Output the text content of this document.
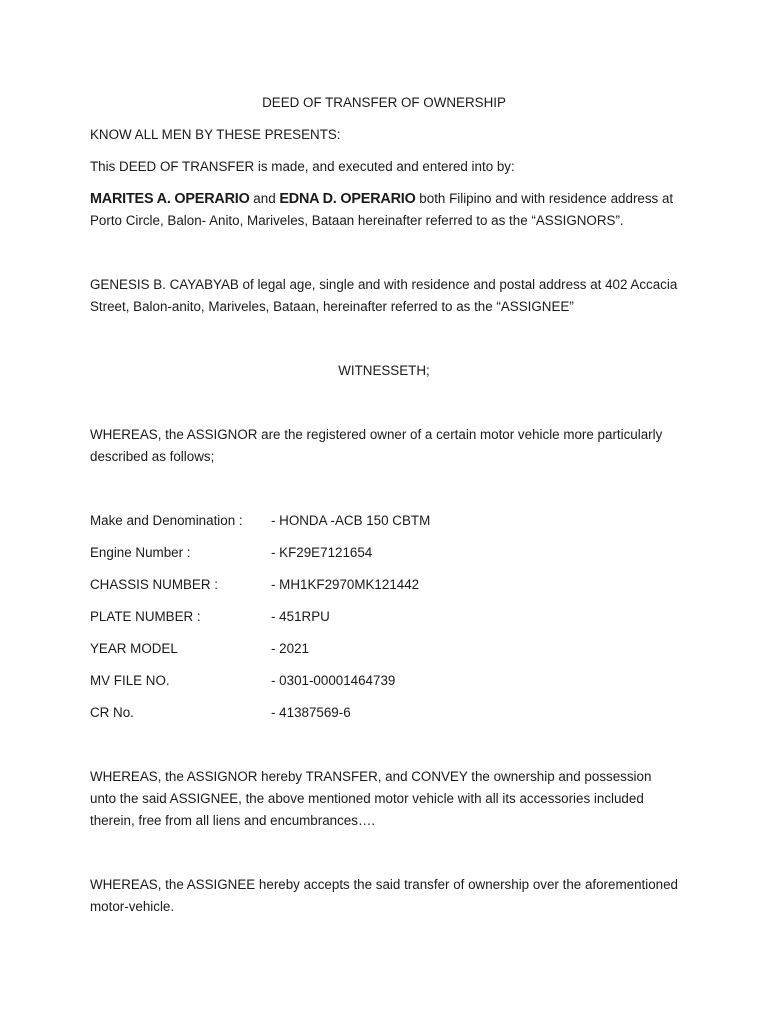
DEED OF TRANSFER OF OWNERSHIP

KNOW ALL MEN BY THESE PRESENTS:

This DEED OF TRANSFER is made, and executed and entered into by:

MARITES A. OPERARIO and EDNA D. OPERARIO both Filipino and with residence address at Porto Circle, Balon- Anito, Mariveles, Bataan hereinafter referred to as the “ASSIGNORS”.

GENESIS B. CAYABYAB of legal age, single and with residence and postal address at 402 Accacia Street, Balon-anito, Mariveles, Bataan, hereinafter referred to as the “ASSIGNEE”

WITNESSETH;

WHEREAS, the ASSIGNOR are the registered owner of a certain motor vehicle more particularly described as follows;

Make and Denomination : - HONDA -ACB 150 CBTM
Engine Number :	- KF29E7121654
CHASSIS NUMBER :	- MH1KF2970MK121442
PLATE NUMBER :	- 451RPU
YEAR MODEL	- 2021
MV FILE NO.	- 0301-00001464739
CR No.	- 41387569-6

WHEREAS, the ASSIGNOR hereby TRANSFER, and CONVEY the ownership and possession unto the said ASSIGNEE, the above mentioned motor vehicle with all its accessories included therein, free from all liens and encumbrances….

WHEREAS, the ASSIGNEE hereby accepts the said transfer of ownership over the aforementioned motor-vehicle.
